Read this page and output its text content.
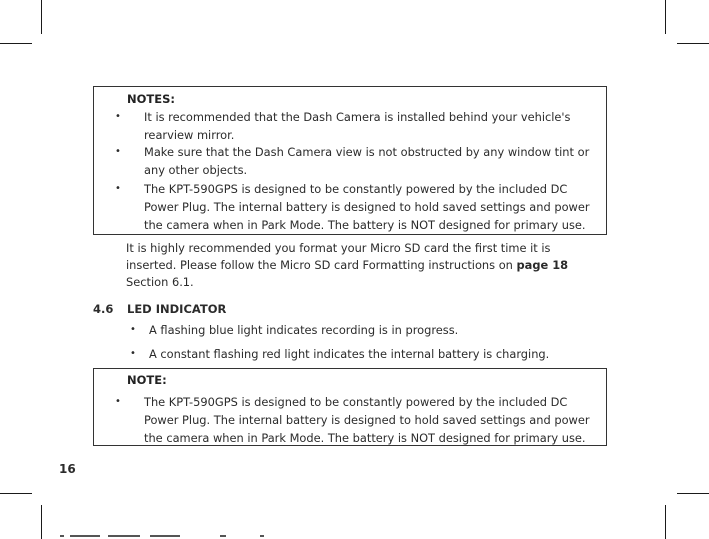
NOTES:
• It is recommended that the Dash Camera is installed behind your vehicle's
rearview mirror.
• Make sure that the Dash Camera view is not obstructed by any window tint or
any other objects.
• The KPT-590GPS is designed to be constantly powered by the included DC
Power Plug. The internal battery is designed to hold saved settings and power
the camera when in Park Mode. The battery is NOT designed for primary use.
It is highly recommended you format your Micro SD card the first time it is
inserted. Please follow the Micro SD card Formatting instructions on page 18
Section 6.1.
4.6 LED INDICATOR
• A flashing blue light indicates recording is in progress.
• A constant flashing red light indicates the internal battery is charging.
NOTE:
• The KPT-590GPS is designed to be constantly powered by the included DC
Power Plug. The internal battery is designed to hold saved settings and power
the camera when in Park Mode. The battery is NOT designed for primary use.
16
